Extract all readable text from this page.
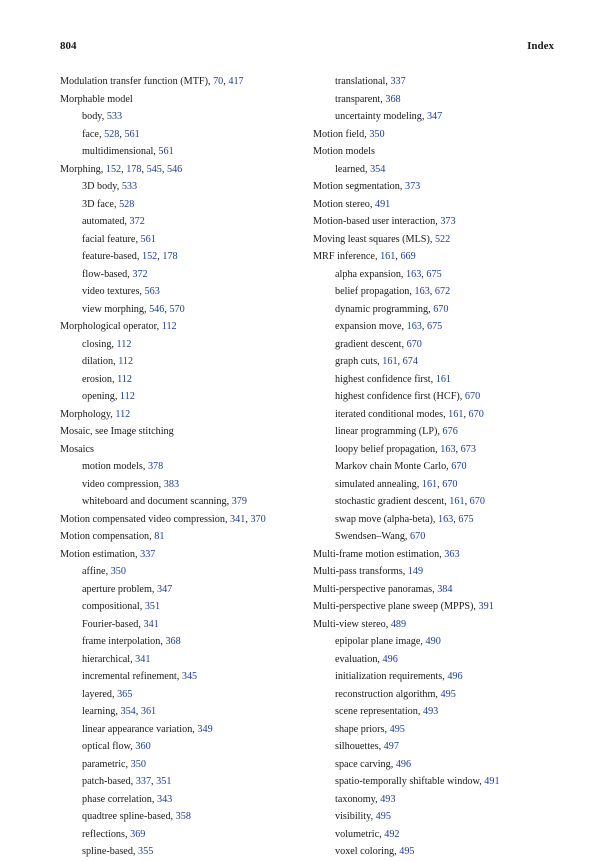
804	Index
Modulation transfer function (MTF), 70, 417
Morphable model
body, 533
face, 528, 561
multidimensional, 561
Morphing, 152, 178, 545, 546
3D body, 533
3D face, 528
automated, 372
facial feature, 561
feature-based, 152, 178
flow-based, 372
video textures, 563
view morphing, 546, 570
Morphological operator, 112
closing, 112
dilation, 112
erosion, 112
opening, 112
Morphology, 112
Mosaic, see Image stitching
Mosaics
motion models, 378
video compression, 383
whiteboard and document scanning, 379
Motion compensated video compression, 341, 370
Motion compensation, 81
Motion estimation, 337
affine, 350
aperture problem, 347
compositional, 351
Fourier-based, 341
frame interpolation, 368
hierarchical, 341
incremental refinement, 345
layered, 365
learning, 354, 361
linear appearance variation, 349
optical flow, 360
parametric, 350
patch-based, 337, 351
phase correlation, 343
quadtree spline-based, 358
reflections, 369
spline-based, 355
translational, 337
transparent, 368
uncertainty modeling, 347
Motion field, 350
Motion models
learned, 354
Motion segmentation, 373
Motion stereo, 491
Motion-based user interaction, 373
Moving least squares (MLS), 522
MRF inference, 161, 669
alpha expansion, 163, 675
belief propagation, 163, 672
dynamic programming, 670
expansion move, 163, 675
gradient descent, 670
graph cuts, 161, 674
highest confidence first, 161
highest confidence first (HCF), 670
iterated conditional modes, 161, 670
linear programming (LP), 676
loopy belief propagation, 163, 673
Markov chain Monte Carlo, 670
simulated annealing, 161, 670
stochastic gradient descent, 161, 670
swap move (alpha-beta), 163, 675
Swendsen–Wang, 670
Multi-frame motion estimation, 363
Multi-pass transforms, 149
Multi-perspective panoramas, 384
Multi-perspective plane sweep (MPPS), 391
Multi-view stereo, 489
epipolar plane image, 490
evaluation, 496
initialization requirements, 496
reconstruction algorithm, 495
scene representation, 493
shape priors, 495
silhouettes, 497
space carving, 496
spatio-temporally shiftable window, 491
taxonomy, 493
visibility, 495
volumetric, 492
voxel coloring, 495
